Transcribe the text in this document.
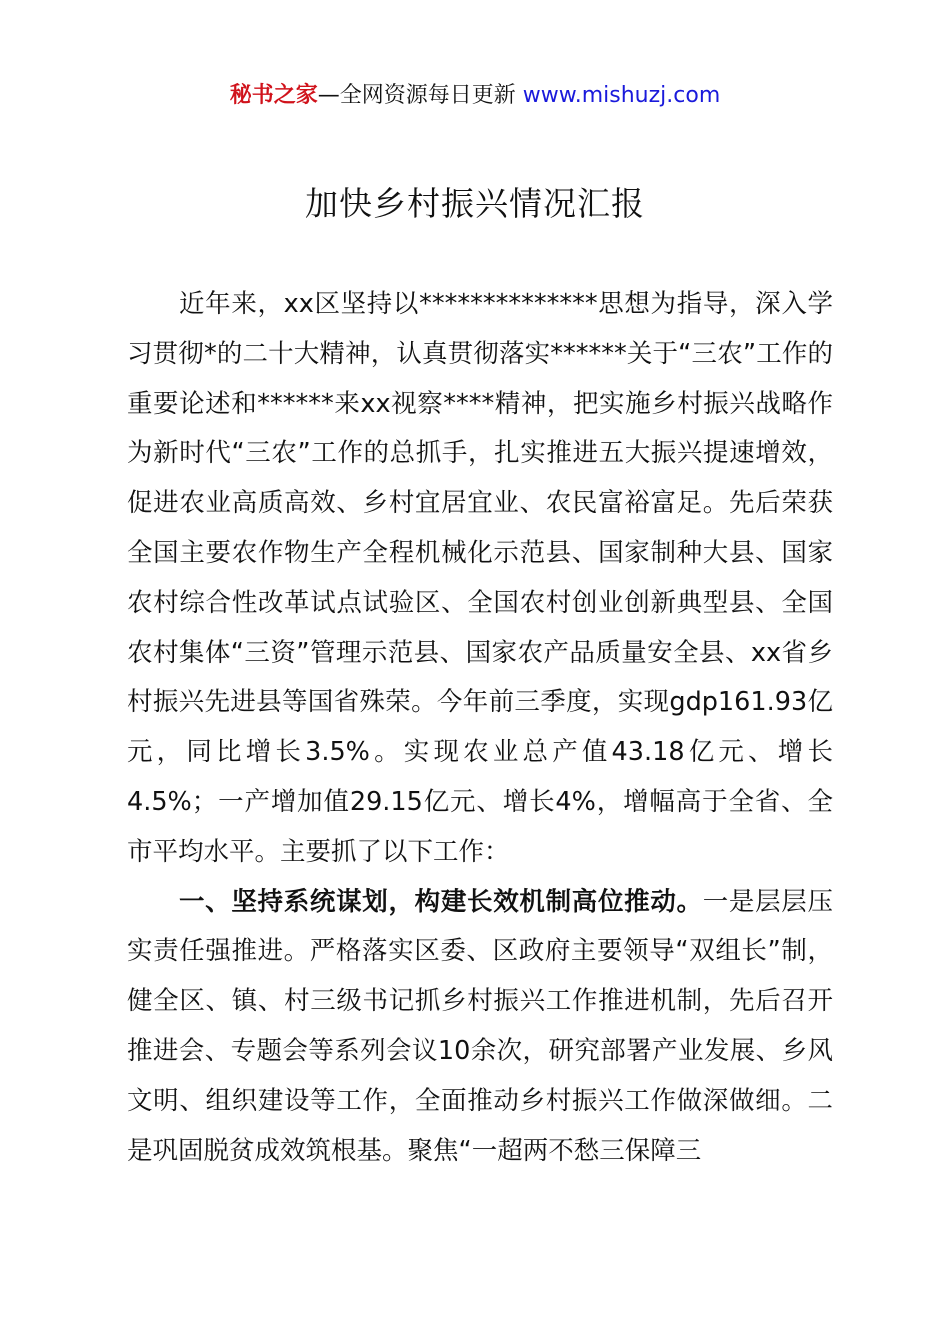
秘书之家—全网资源每日更新 www.mishuzj.com
加快乡村振兴情况汇报

近年来，xx区坚持以**************思想为指导，深入学习贯彻*的二十大精神，认真贯彻落实******关于“三农”工作的重要论述和******来xx视察****精神，把实施乡村振兴战略作为新时代“三农”工作的总抓手，扎实推进五大振兴提速增效，促进农业高质高效、乡村宜居宜业、农民富裕富足。先后荣获全国主要农作物生产全程机械化示范县、国家制种大县、国家农村综合性改革试点试验区、全国农村创业创新典型县、全国农村集体“三资”管理示范县、国家农产品质量安全县、xx省乡村振兴先进县等国省殊荣。今年前三季度，实现gdp161.93亿元，同比增长3.5%。实现农业总产值43.18亿元、增长4.5%；一产增加值29.15亿元、增长4%，增幅高于全省、全市平均水平。主要抓了以下工作：

一、坚持系统谋划，构建长效机制高位推动。一是层层压实责任强推进。严格落实区委、区政府主要领导“双组长”制，健全区、镇、村三级书记抓乡村振兴工作推进机制，先后召开推进会、专题会等系列会议10余次，研究部署产业发展、乡风文明、组织建设等工作，全面推动乡村振兴工作做深做细。二是巩固脱贫成效筑根基。聚焦“一超两不愁三保障三
